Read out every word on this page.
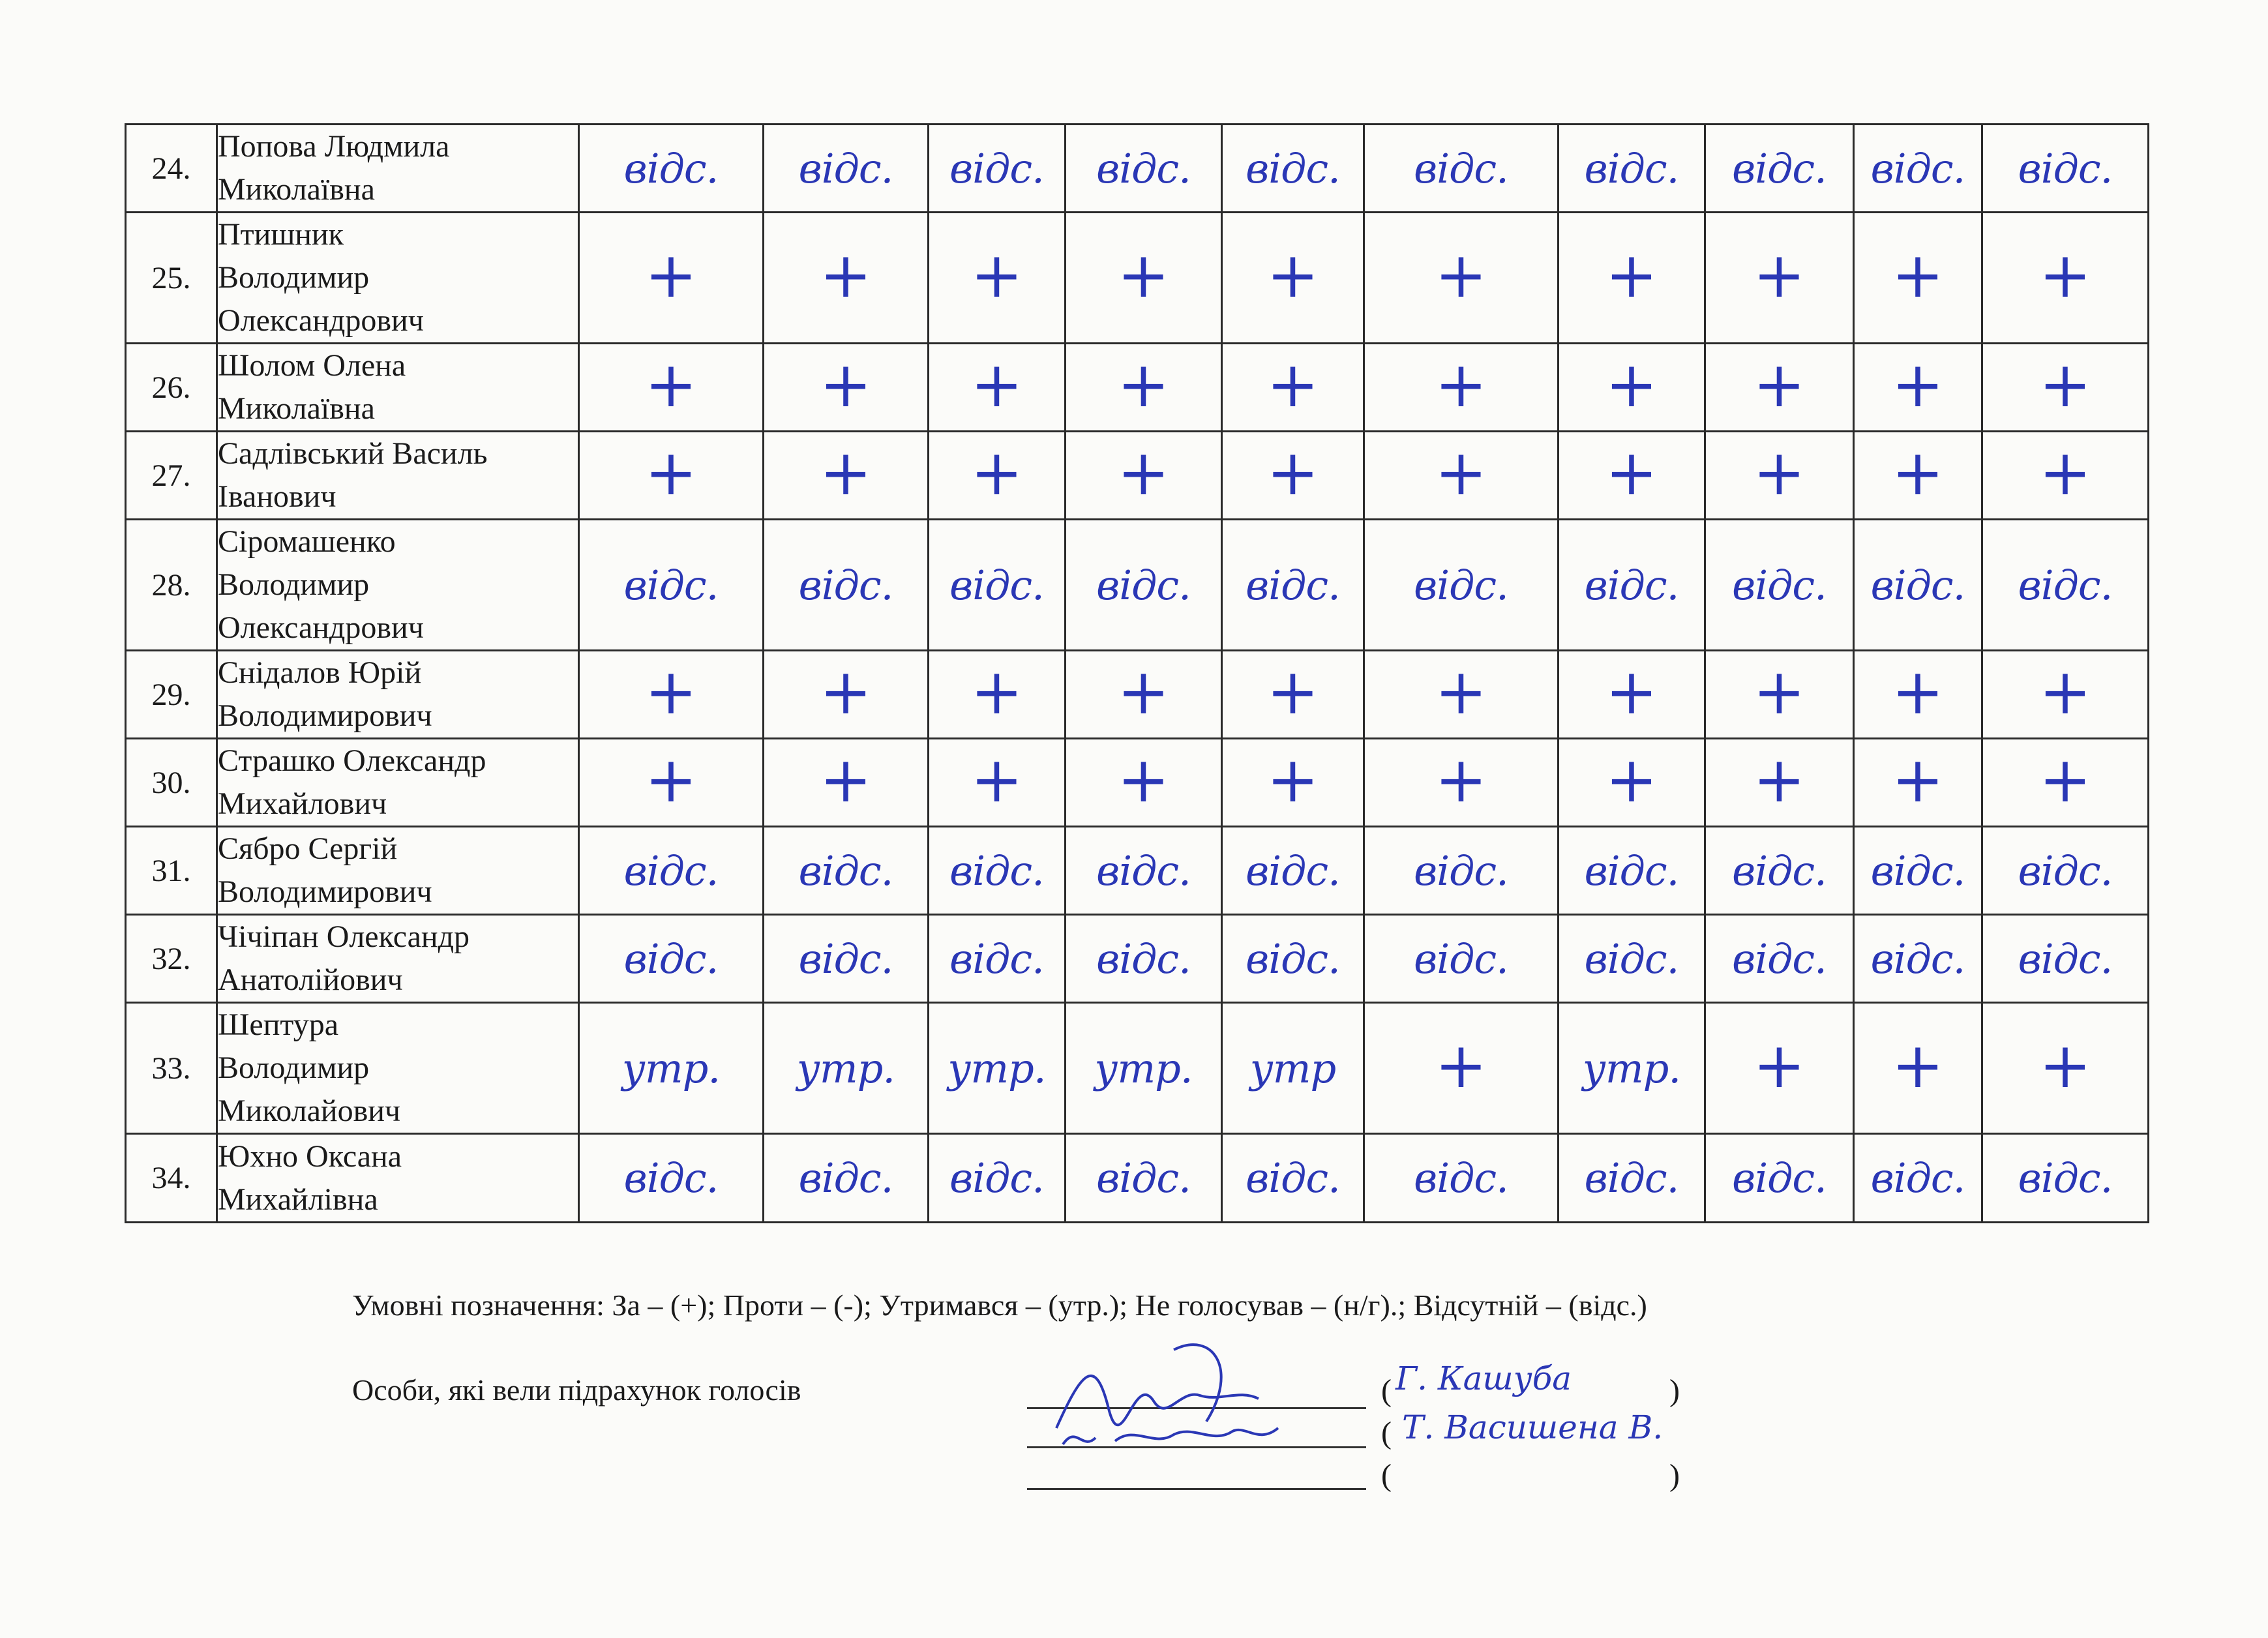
24.	Попова Людмила
Миколаївна	відс.	відс.	відс.	відс.	відс.	відс.	відс.	відс.	відс.	відс.
25.	Птишник
Володимир
Олександрович	+	+	+	+	+	+	+	+	+	+
26.	Шолом Олена
Миколаївна	+	+	+	+	+	+	+	+	+	+
27.	Садлівський Василь
Іванович	+	+	+	+	+	+	+	+	+	+
28.	Сіромашенко
Володимир
Олександрович	відс.	відс.	відс.	відс.	відс.	відс.	відс.	відс.	відс.	відс.
29.	Снідалов Юрій
Володимирович	+	+	+	+	+	+	+	+	+	+
30.	Страшко Олександр
Михайлович	+	+	+	+	+	+	+	+	+	+
31.	Сябро Сергій
Володимирович	відс.	відс.	відс.	відс.	відс.	відс.	відс.	відс.	відс.	відс.
32.	Чічіпан Олександр
Анатолійович	відс.	відс.	відс.	відс.	відс.	відс.	відс.	відс.	відс.	відс.
33.	Шептура
Володимир
Миколайович	утр.	утр.	утр.	утр.	утр	+	утр.	+	+	+
34.	Юхно Оксана
Михайлівна	відс.	відс.	відс.	відс.	відс.	відс.	відс.	відс.	відс.	відс.
Умовні позначення: За – (+); Проти – (-); Утримався – (утр.); Не голосував – (н/г).; Відсутній – (відс.)
Особи, які вели підрахунок голосів	( Г. Кашуба	)
( Т. Васишена В.
(	)
